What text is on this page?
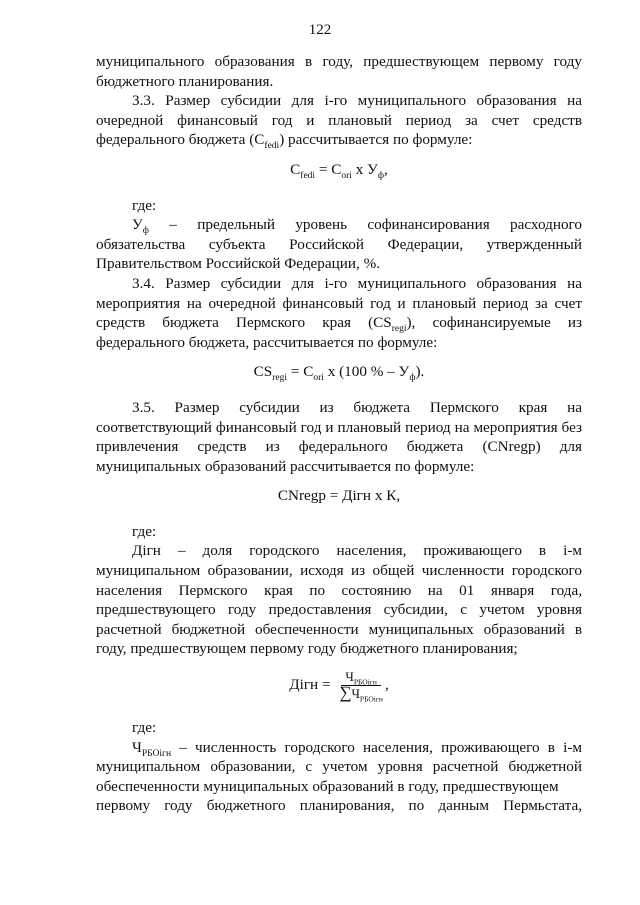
122

муниципального образования в году, предшествующем первому году бюджетного планирования.

3.3. Размер субсидии для i-го муниципального образования на очередной финансовый год и плановый период за счет средств федерального бюджета $(C_{fedi})$ рассчитывается по формуле:

$C_{fedi} = C_{ori}$ х $У_ф$,

где:

$У_ф$ – предельный уровень софинансирования расходного обязательства субъекта Российской Федерации, утвержденный Правительством Российской Федерации, %.

3.4. Размер субсидии для i-го муниципального образования на мероприятия на очередной финансовый год и плановый период за счет средств бюджета Пермского края $(CS_{regi})$, софинансируемые из федерального бюджета, рассчитывается по формуле:

$CS_{regi} = C_{ori}$ х (100 % – $У_ф$).

3.5. Размер субсидии из бюджета Пермского края на соответствующий финансовый год и плановый период на мероприятия без привлечения средств из федерального бюджета (CNregp) для муниципальных образований рассчитывается по формуле:

CNregp = Дігн х К,

где:

Дігн – доля городского населения, проживающего в і-м муниципальном образовании, исходя из общей численности городского населения Пермского края по состоянию на 01 января года, предшествующего году предоставления субсидии, с учетом уровня расчетной бюджетной обеспеченности муниципальных образований в году, предшествующем первому году бюджетного планирования;

Дігн = $\frac{Ч_{РБОігн}}{\sum Ч_{РБОігн}}$ ,

где:

$Ч_{РБОігн}$ – численность городского населения, проживающего в і-м муниципальном образовании, с учетом уровня расчетной бюджетной обеспеченности муниципальных образований в году, предшествующем

первому году бюджетного планирования, по данным Пермьстата,
